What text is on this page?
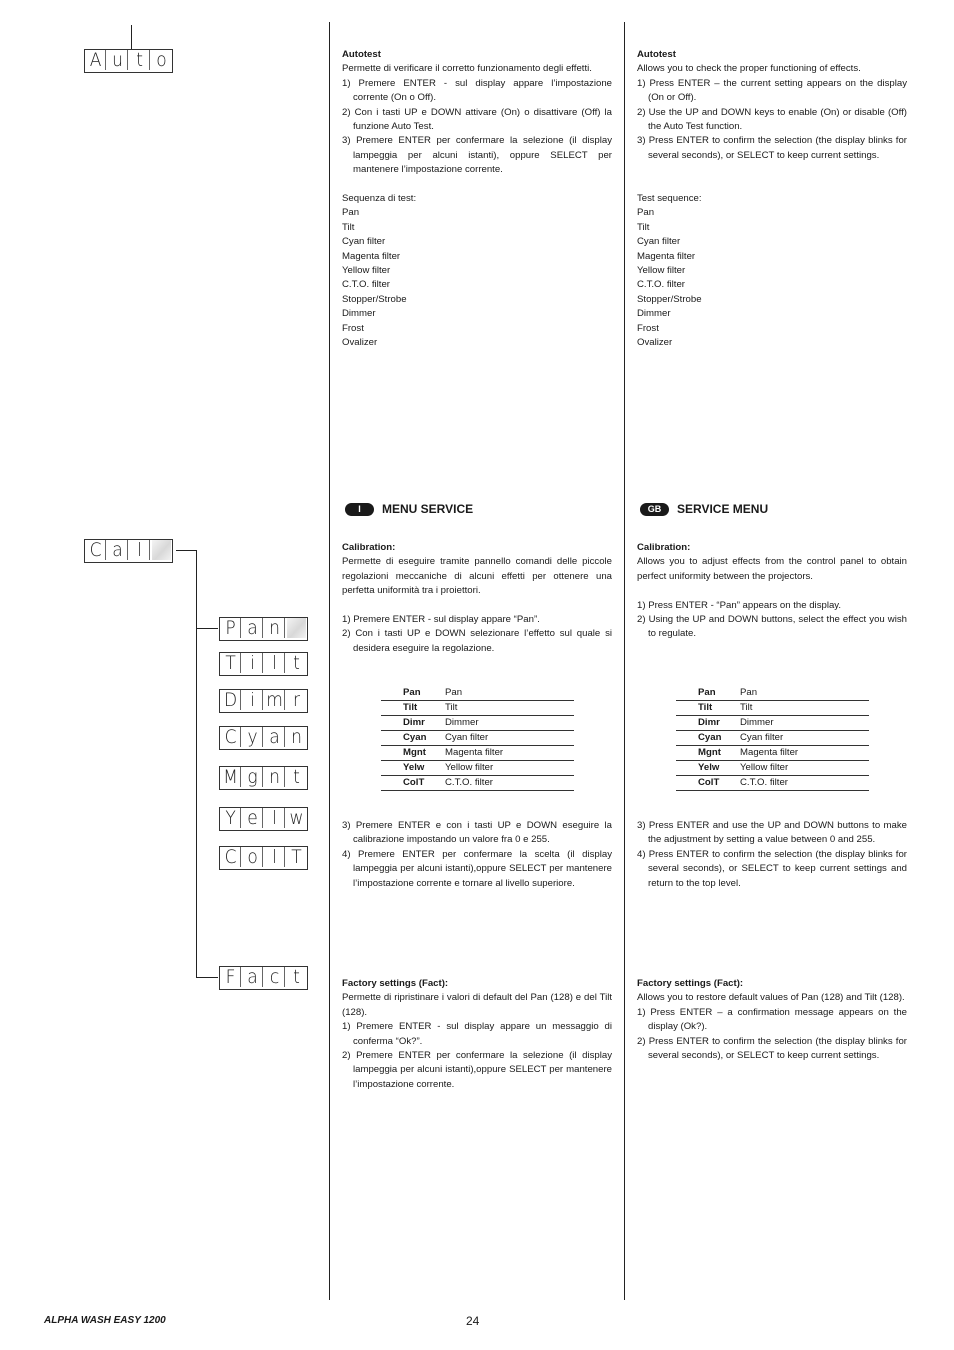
A u t o
C a l
P a n
T i l t
D i m r
C y a n
M g n t
Y e l w
C o l T
F a c t

Autotest

Permette di verificare il corretto funzionamento degli effetti.

1) Premere ENTER - sul display appare l’impostazione corrente (On o Off).
2) Con i tasti UP e DOWN attivare (On) o disattivare (Off) la funzione Auto Test.
3) Premere ENTER per confermare la selezione (il display lampeggia per alcuni istanti), oppure SELECT per mantenere l’impostazione corrente.

Sequenza di test:

Pan

Tilt

Cyan filter

Magenta filter

Yellow filter

C.T.O. filter

Stopper/Strobe

Dimmer

Frost

Ovalizer

I	MENU SERVICE

Calibration:

Permette di eseguire tramite pannello comandi delle piccole regolazioni meccaniche di alcuni effetti per ottenere una perfetta uniformità tra i proiettori.

1) Premere ENTER - sul display appare “Pan”.
2) Con i tasti UP e DOWN selezionare l’effetto sul quale si desidera eseguire la regolazione.
Pan	Pan
Tilt	Tilt
Dimr	Dimmer
Cyan	Cyan filter
Mgnt	Magenta filter
Yelw	Yellow filter
ColT	C.T.O. filter
3) Premere ENTER e con i tasti UP e DOWN eseguire la calibrazione impostando un valore fra 0 e 255.
4) Premere ENTER per confermare la scelta (il display lampeggia per alcuni istanti),oppure SELECT per mantenere l’impostazione corrente e tornare al livello superiore.

Factory settings (Fact):

Permette di ripristinare i valori di default del Pan (128) e del Tilt (128).

1) Premere ENTER - sul display appare un messaggio di conferma “Ok?”.
2) Premere ENTER per confermare la selezione (il display lampeggia per alcuni istanti),oppure SELECT per mantenere l’impostazione corrente.

Autotest

Allows you to check the proper functioning of effects.

1) Press ENTER – the current setting appears on the display (On or Off).
2) Use the UP and DOWN keys to enable (On) or disable (Off) the Auto Test function.
3) Press ENTER to confirm the selection (the display blinks for several seconds), or SELECT to keep current settings.

Test sequence:

Pan

Tilt

Cyan filter

Magenta filter

Yellow filter

C.T.O. filter

Stopper/Strobe

Dimmer

Frost

Ovalizer

GB	SERVICE MENU

Calibration:

Allows you to adjust effects from the control panel to obtain perfect uniformity between the projectors.

1) Press ENTER - “Pan” appears on the display.
2) Using the UP and DOWN buttons, select the effect you wish to regulate.
Pan	Pan
Tilt	Tilt
Dimr	Dimmer
Cyan	Cyan filter
Mgnt	Magenta filter
Yelw	Yellow filter
ColT	C.T.O. filter
3) Press ENTER and use the UP and DOWN buttons to make the adjustment by setting a value between 0 and 255.
4) Press ENTER to confirm the selection (the display blinks for several seconds), or SELECT to keep current settings and return to the top level.

Factory settings (Fact):

Allows you to restore default values of Pan (128) and Tilt (128).

1) Press ENTER – a confirmation message appears on the display (Ok?).
2) Press ENTER to confirm the selection (the display blinks for several seconds), or SELECT to keep current settings.
ALPHA WASH EASY 1200	24
